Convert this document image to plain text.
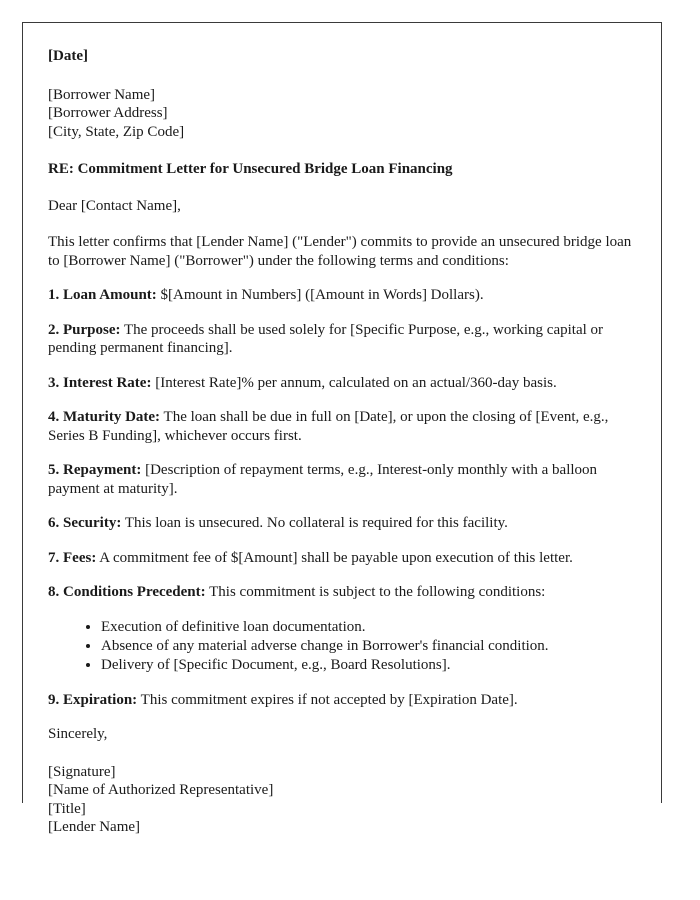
[Date]

[Borrower Name]
[Borrower Address]
[City, State, Zip Code]

RE: Commitment Letter for Unsecured Bridge Loan Financing

Dear [Contact Name],

This letter confirms that [Lender Name] ("Lender") commits to provide an unsecured bridge loan to [Borrower Name] ("Borrower") under the following terms and conditions:

1. Loan Amount: $[Amount in Numbers] ([Amount in Words] Dollars).

2. Purpose: The proceeds shall be used solely for [Specific Purpose, e.g., working capital or pending permanent financing].

3. Interest Rate: [Interest Rate]% per annum, calculated on an actual/360-day basis.

4. Maturity Date: The loan shall be due in full on [Date], or upon the closing of [Event, e.g., Series B Funding], whichever occurs first.

5. Repayment: [Description of repayment terms, e.g., Interest-only monthly with a balloon payment at maturity].

6. Security: This loan is unsecured. No collateral is required for this facility.

7. Fees: A commitment fee of $[Amount] shall be payable upon execution of this letter.

8. Conditions Precedent: This commitment is subject to the following conditions:

• Execution of definitive loan documentation.
• Absence of any material adverse change in Borrower's financial condition.
• Delivery of [Specific Document, e.g., Board Resolutions].

9. Expiration: This commitment expires if not accepted by [Expiration Date].

Sincerely,

[Signature]
[Name of Authorized Representative]
[Title]
[Lender Name]
